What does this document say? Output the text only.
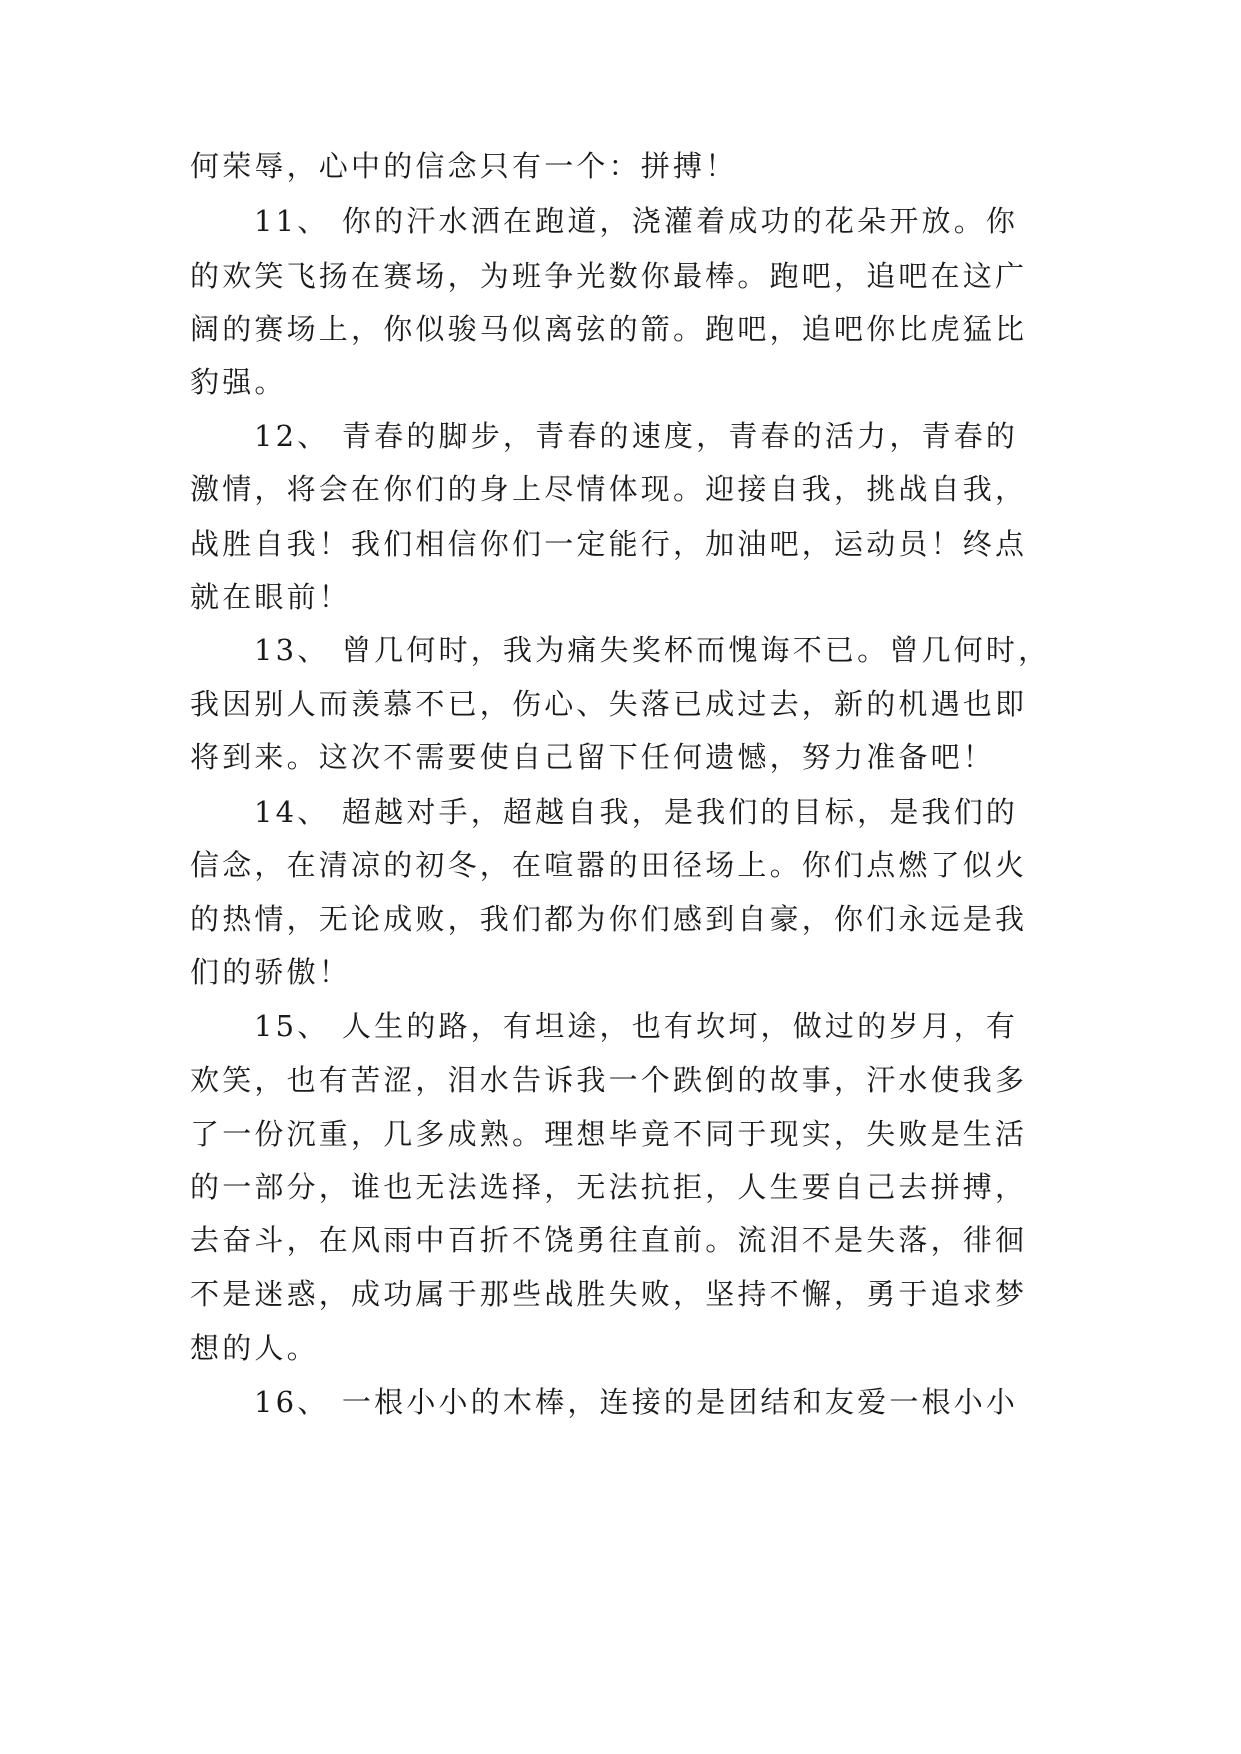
何荣辱，心中的信念只有一个：拼搏！
11、 你的汗水洒在跑道，浇灌着成功的花朵开放。你
的欢笑飞扬在赛场，为班争光数你最棒。跑吧，追吧在这广
阔的赛场上，你似骏马似离弦的箭。跑吧，追吧你比虎猛比
豹强。
12、 青春的脚步，青春的速度，青春的活力，青春的
激情，将会在你们的身上尽情体现。迎接自我，挑战自我，
战胜自我！我们相信你们一定能行，加油吧，运动员！终点
就在眼前！
13、 曾几何时，我为痛失奖杯而愧诲不已。曾几何时，
我因别人而羡慕不已，伤心、失落已成过去，新的机遇也即
将到来。这次不需要使自己留下任何遗憾，努力准备吧！
14、 超越对手，超越自我，是我们的目标，是我们的
信念，在清凉的初冬，在喧嚣的田径场上。你们点燃了似火
的热情，无论成败，我们都为你们感到自豪，你们永远是我
们的骄傲！
15、 人生的路，有坦途，也有坎坷，做过的岁月，有
欢笑，也有苦涩，泪水告诉我一个跌倒的故事，汗水使我多
了一份沉重，几多成熟。理想毕竟不同于现实，失败是生活
的一部分，谁也无法选择，无法抗拒，人生要自己去拼搏，
去奋斗，在风雨中百折不饶勇往直前。流泪不是失落，徘徊
不是迷惑，成功属于那些战胜失败，坚持不懈，勇于追求梦
想的人。
16、 一根小小的木棒，连接的是团结和友爱一根小小
